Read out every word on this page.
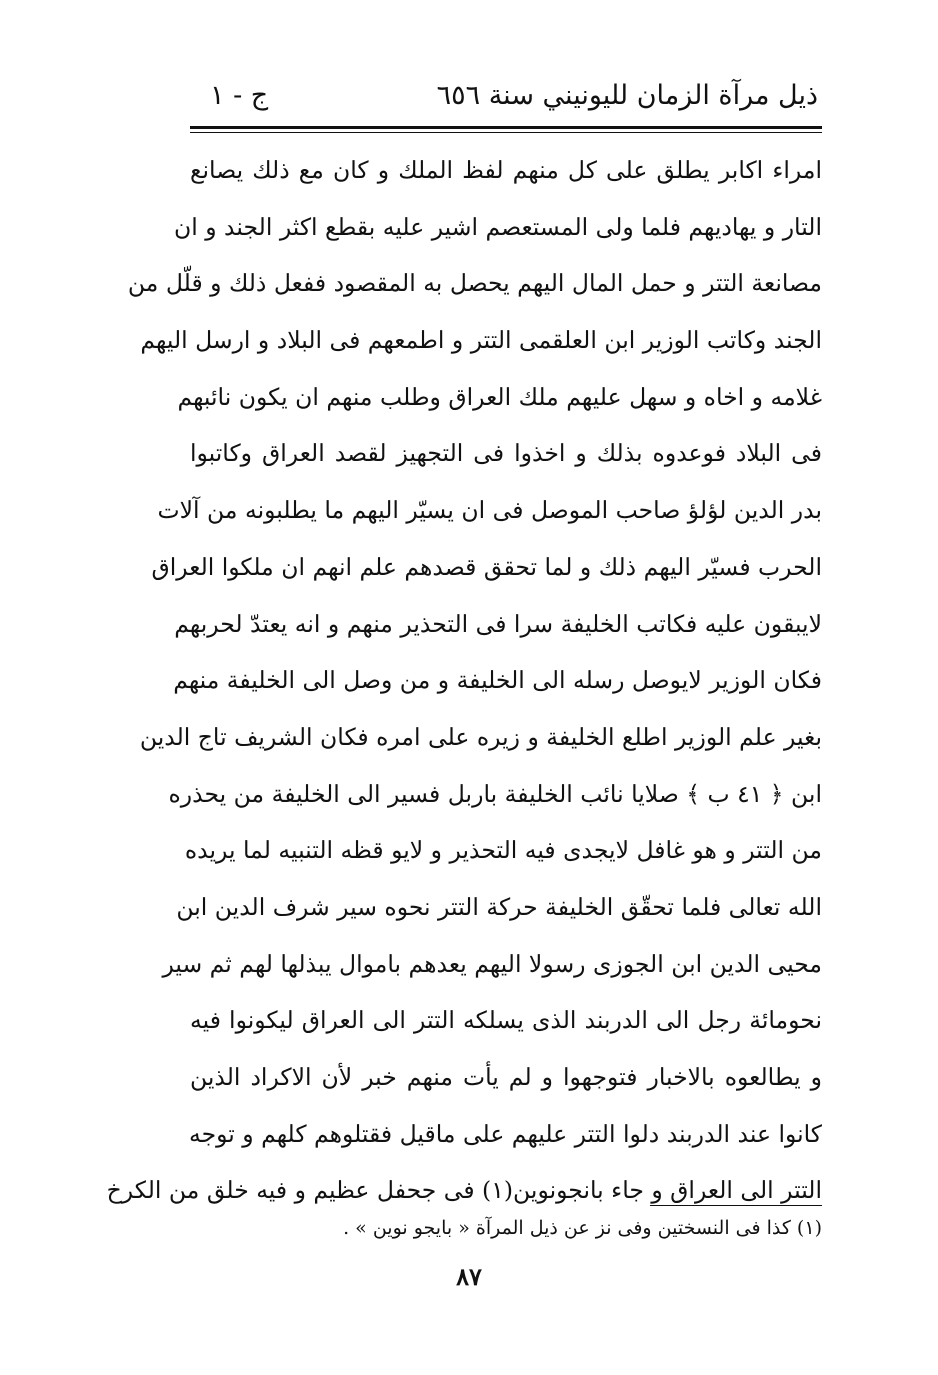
ذيل مرآة الزمان لليونيني سنة ٦٥٦
ج - ١
امراء اكابر يطلق على كل منهم لفظ الملك و كان مع ذلك يصانع
التار و يهاديهم فلما ولى المستعصم اشير عليه بقطع اكثر الجند و ان
مصانعة التتر و حمل المال اليهم يحصل به المقصود ففعل ذلك و قلّل من
الجند وكاتب الوزير ابن العلقمى التتر و اطمعهم فى البلاد و ارسل اليهم
غلامه و اخاه و سهل عليهم ملك العراق وطلب منهم ان يكون نائبهم
فى البلاد فوعدوه بذلك و اخذوا فى التجهيز لقصد العراق وكاتبوا
بدر الدين لؤلؤ صاحب الموصل فى ان يسيّر اليهم ما يطلبونه من آلات
الحرب فسيّر اليهم ذلك و لما تحقق قصدهم علم انهم ان ملكوا العراق
لايبقون عليه فكاتب الخليفة سرا فى التحذير منهم و انه يعتدّ لحربهم
فكان الوزير لايوصل رسله الى الخليفة و من وصل الى الخليفة منهم
بغير علم الوزير اطلع الخليفة و زيره على امره فكان الشريف تاج الدين
ابن ﴿ ٤١ ب ﴾ صلايا نائب الخليفة باربل فسير الى الخليفة من يحذره
من التتر و هو غافل لايجدى فيه التحذير و لايو قظه التنبيه لما يريده
الله تعالى فلما تحقّق الخليفة حركة التتر نحوه سير شرف الدين ابن
محيى الدين ابن الجوزى رسولا اليهم يعدهم باموال يبذلها لهم ثم سير
نحومائة رجل الى الدربند الذى يسلكه التتر الى العراق ليكونوا فيه
و يطالعوه بالاخبار فتوجهوا و لم يأت منهم خبر لأن الاكراد الذين
كانوا عند الدربند دلوا التتر عليهم على ماقيل فقتلوهم كلهم و توجه
التتر الى العراق و جاء بانجونوين(١) فى جحفل عظيم و فيه خلق من الكرخ
(١) كذا فى النسختين وفى نز عن ذيل المرآة « بايجو نوين » .
٨٧
